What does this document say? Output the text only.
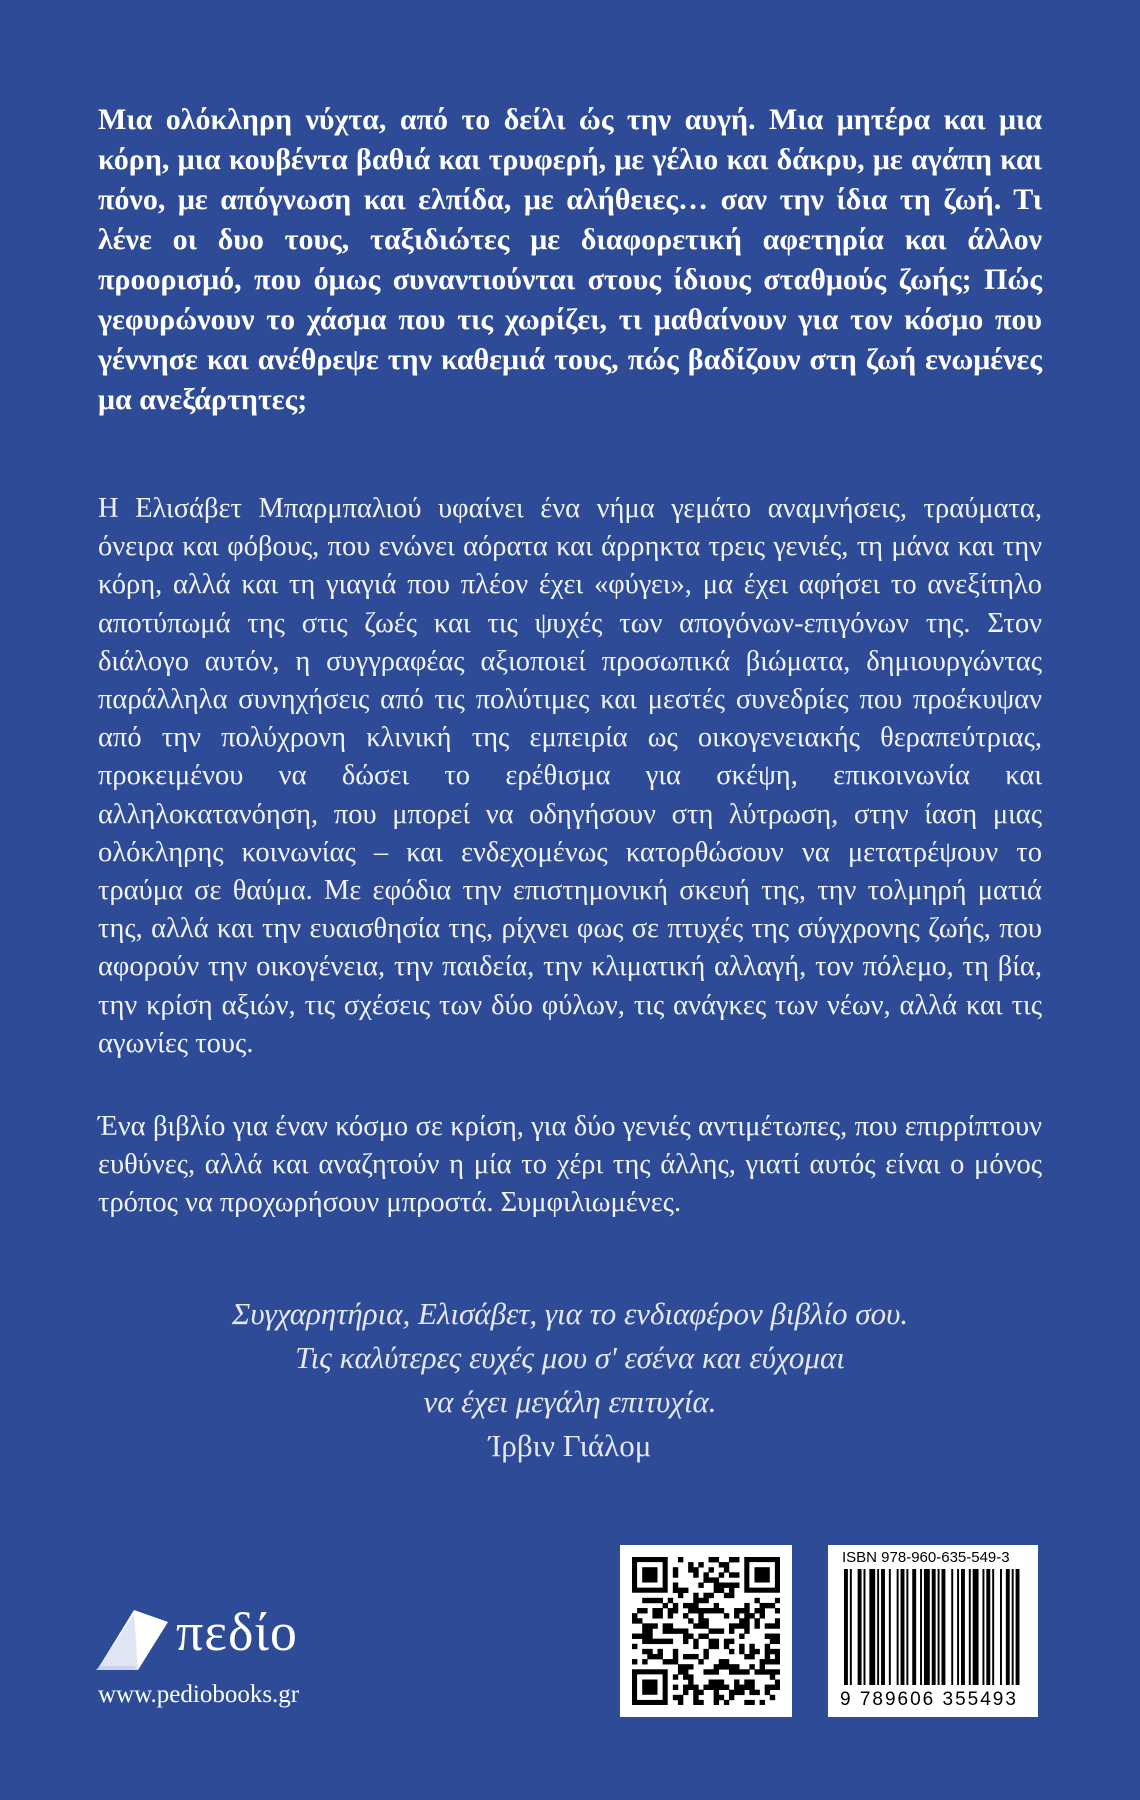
Μια ολόκληρη νύχτα, από το δείλι ώς την αυγή. Μια μητέρα και μια κόρη, μια κουβέντα βαθιά και τρυφερή, με γέλιο και δάκρυ, με αγάπη και πόνο, με απόγνωση και ελπίδα, με αλήθειες… σαν την ίδια τη ζωή. Τι λένε οι δυο τους, ταξιδιώτες με διαφορετική αφετηρία και άλλον προορισμό, που όμως συναντιούνται στους ίδιους σταθμούς ζωής; Πώς γεφυρώνουν το χάσμα που τις χωρίζει, τι μαθαίνουν για τον κόσμο που γέννησε και ανέθρεψε την καθεμιά τους, πώς βαδίζουν στη ζωή ενωμένες μα ανεξάρτητες;

Η Ελισάβετ Μπαρμπαλιού υφαίνει ένα νήμα γεμάτο αναμνήσεις, τραύματα, όνειρα και φόβους, που ενώνει αόρατα και άρρηκτα τρεις γενιές, τη μάνα και την κόρη, αλλά και τη γιαγιά που πλέον έχει «φύγει», μα έχει αφήσει το ανεξίτηλο αποτύπωμά της στις ζωές και τις ψυχές των απογόνων-επιγόνων της. Στον διάλογο αυτόν, η συγγραφέας αξιοποιεί προσωπικά βιώματα, δημιουργώντας παράλληλα συνηχήσεις από τις πολύτιμες και μεστές συνεδρίες που προέκυψαν από την πολύχρονη κλινική της εμπειρία ως οικογενειακής θεραπεύτριας, προκειμένου να δώσει το ερέθισμα για σκέψη, επικοινωνία και αλληλοκατανόηση, που μπορεί να οδηγήσουν στη λύτρωση, στην ίαση μιας ολόκληρης κοινωνίας – και ενδεχομένως κατορθώσουν να μετατρέψουν το τραύμα σε θαύμα. Με εφόδια την επιστημονική σκευή της, την τολμηρή ματιά της, αλλά και την ευαισθησία της, ρίχνει φως σε πτυχές της σύγχρονης ζωής, που αφορούν την οικογένεια, την παιδεία, την κλιματική αλλαγή, τον πόλεμο, τη βία, την κρίση αξιών, τις σχέσεις των δύο φύλων, τις ανάγκες των νέων, αλλά και τις αγωνίες τους.

Ένα βιβλίο για έναν κόσμο σε κρίση, για δύο γενιές αντιμέτωπες, που επιρρίπτουν ευθύνες, αλλά και αναζητούν η μία το χέρι της άλλης, γιατί αυτός είναι ο μόνος τρόπος να προχωρήσουν μπροστά. Συμφιλιωμένες.

Συγχαρητήρια, Ελισάβετ, για το ενδιαφέρον βιβλίο σου.
Τις καλύτερες ευχές μου σ' εσένα και εύχομαι
να έχει μεγάλη επιτυχία.
Ίρβιν Γιάλομ
πεδίο
www.pediobooks.gr
ISBN 978-960-635-549-3
9 789606 355493
